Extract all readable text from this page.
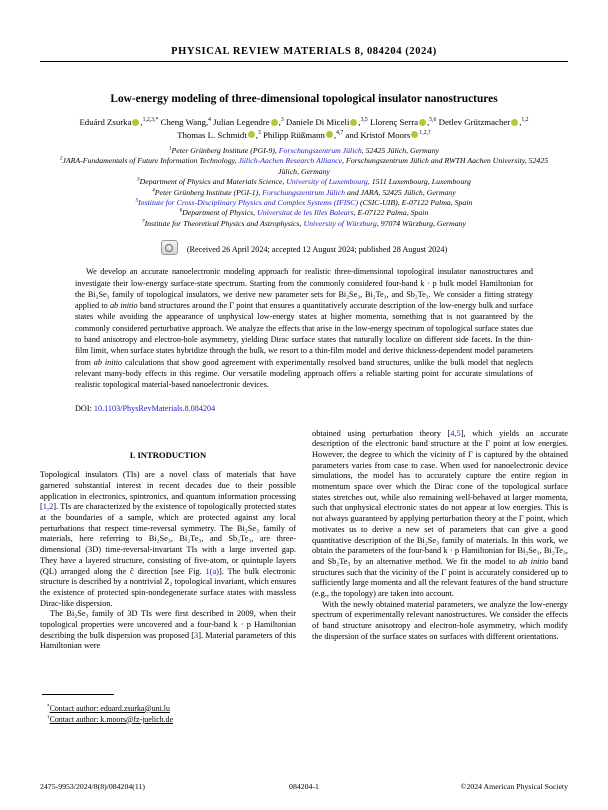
PHYSICAL REVIEW MATERIALS 8, 084204 (2024)
Low-energy modeling of three-dimensional topological insulator nanostructures
Eduárd Zsurka ,$^{1,2,3,*}$ Cheng Wang,$^4$ Julian Legendre ,$^3$ Daniele Di Miceli ,$^{3,5}$ Llorenç Serra ,$^{5,6}$ Detlev Grützmacher ,$^{1,2}$
Thomas L. Schmidt ,$^3$ Philipp Rüßmann ,$^{4,7}$ and Kristof Moors $^{1,2,\dagger}$
$^1$Peter Grünberg Institute (PGI-9), Forschungszentrum Jülich, 52425 Jülich, Germany
$^2$JARA-Fundamentals of Future Information Technology, Jülich-Aachen Research Alliance, Forschungszentrum Jülich and RWTH Aachen University, 52425 Jülich, Germany
$^3$Department of Physics and Materials Science, University of Luxembourg, 1511 Luxembourg, Luxembourg
$^4$Peter Grünberg Institute (PGI-1), Forschungszentrum Jülich and JARA, 52425 Jülich, Germany
$^5$Institute for Cross-Disciplinary Physics and Complex Systems (IFISC) (CSIC-UIB), E-07122 Palma, Spain
$^6$Department of Physics, Universitat de les Illes Balears, E-07122 Palma, Spain
$^7$Institute for Theoretical Physics and Astrophysics, University of Würzburg, 97074 Würzburg, Germany
(Received 26 April 2024; accepted 12 August 2024; published 28 August 2024)
We develop an accurate nanoelectronic modeling approach for realistic three-dimensional topological insulator nanostructures and investigate their low-energy surface-state spectrum. Starting from the commonly considered four-band k · p bulk model Hamiltonian for the Bi₂Se₃ family of topological insulators, we derive new parameter sets for Bi₂Se₃, Bi₂Te₃, and Sb₂Te₃. We consider a fitting strategy applied to ab initio band structures around the Γ point that ensures a quantitatively accurate description of the low-energy bulk and surface states while avoiding the appearance of unphysical low-energy states at higher momenta, something that is not guaranteed by the commonly considered perturbative approach. We analyze the effects that arise in the low-energy spectrum of topological surface states due to band anisotropy and electron-hole asymmetry, yielding Dirac surface states that naturally localize on different side facets. In the thin-film limit, when surface states hybridize through the bulk, we resort to a thin-film model and derive thickness-dependent model parameters from ab initio calculations that show good agreement with experimentally resolved band structures, unlike the bulk model that neglects relevant many-body effects in this regime. Our versatile modeling approach offers a reliable starting point for accurate simulations of realistic topological material-based nanoelectronic devices.
DOI: 10.1103/PhysRevMaterials.8.084204
I. INTRODUCTION

Topological insulators (TIs) are a novel class of materials that have garnered substantial interest in recent decades due to their possible application in electronics, spintronics, and quantum information processing [1,2]. TIs are characterized by the existence of topologically protected states at the boundaries of a sample, which are protected against any local perturbations that respect time-reversal symmetry. The Bi₂Se₃ family of materials, here referring to Bi₂Se₃, Bi₂Te₃, and Sb₂Te₃, are three-dimensional (3D) time-reversal-invariant TIs with a large inverted gap. They have a layered structure, consisting of five-atom, or quintuple layers (QL) arranged along the ĉ direction [see Fig. 1(a)]. The bulk electronic structure is described by a nontrivial Z₂ topological invariant, which ensures the existence of protected spin-nondegenerate surface states with massless Dirac-like dispersion.

The Bi₂Se₃ family of 3D TIs were first described in 2009, when their topological properties were uncovered and a four-band k · p Hamiltonian describing the bulk dispersion was proposed [3]. Material parameters of this Hamiltonian were

*Contact author: eduard.zsurka@uni.lu
†Contact author: k.moors@fz-juelich.de

obtained using perturbation theory [4,5], which yields an accurate description of the electronic band structure at the Γ point at low energies. However, the degree to which the vicinity of Γ is captured by the obtained parameters varies from case to case. When used for nanoelectronic device simulations, the model has to accurately capture the entire region in momentum space over which the Dirac cone of the topological surface states stretches out, while also remaining well-behaved at larger momenta, such that unphysical electronic states do not appear at low energies. This is not always guaranteed by applying perturbation theory at the Γ point, which motivates us to derive a new set of parameters that can give a good quantitative description of the Bi₂Se₃ family of materials. In this work, we obtain the parameters of the four-band k · p Hamiltonian for Bi₂Se₃, Bi₂Te₃, and Sb₂Te₃ by an alternative method. We fit the model to ab initio band structures such that the vicinity of the Γ point is accurately considered up to sufficiently large momenta and all the relevant features of the band structure (e.g., the topology) are taken into account.

With the newly obtained material parameters, we analyze the low-energy spectrum of experimentally relevant nanostructures. We consider the effects of band structure anisotropy and electron-hole asymmetry, which modify the dispersion of the surface states on surfaces with different orientations.

2475-9953/2024/8(8)/084204(11)	084204-1	©2024 American Physical Society
